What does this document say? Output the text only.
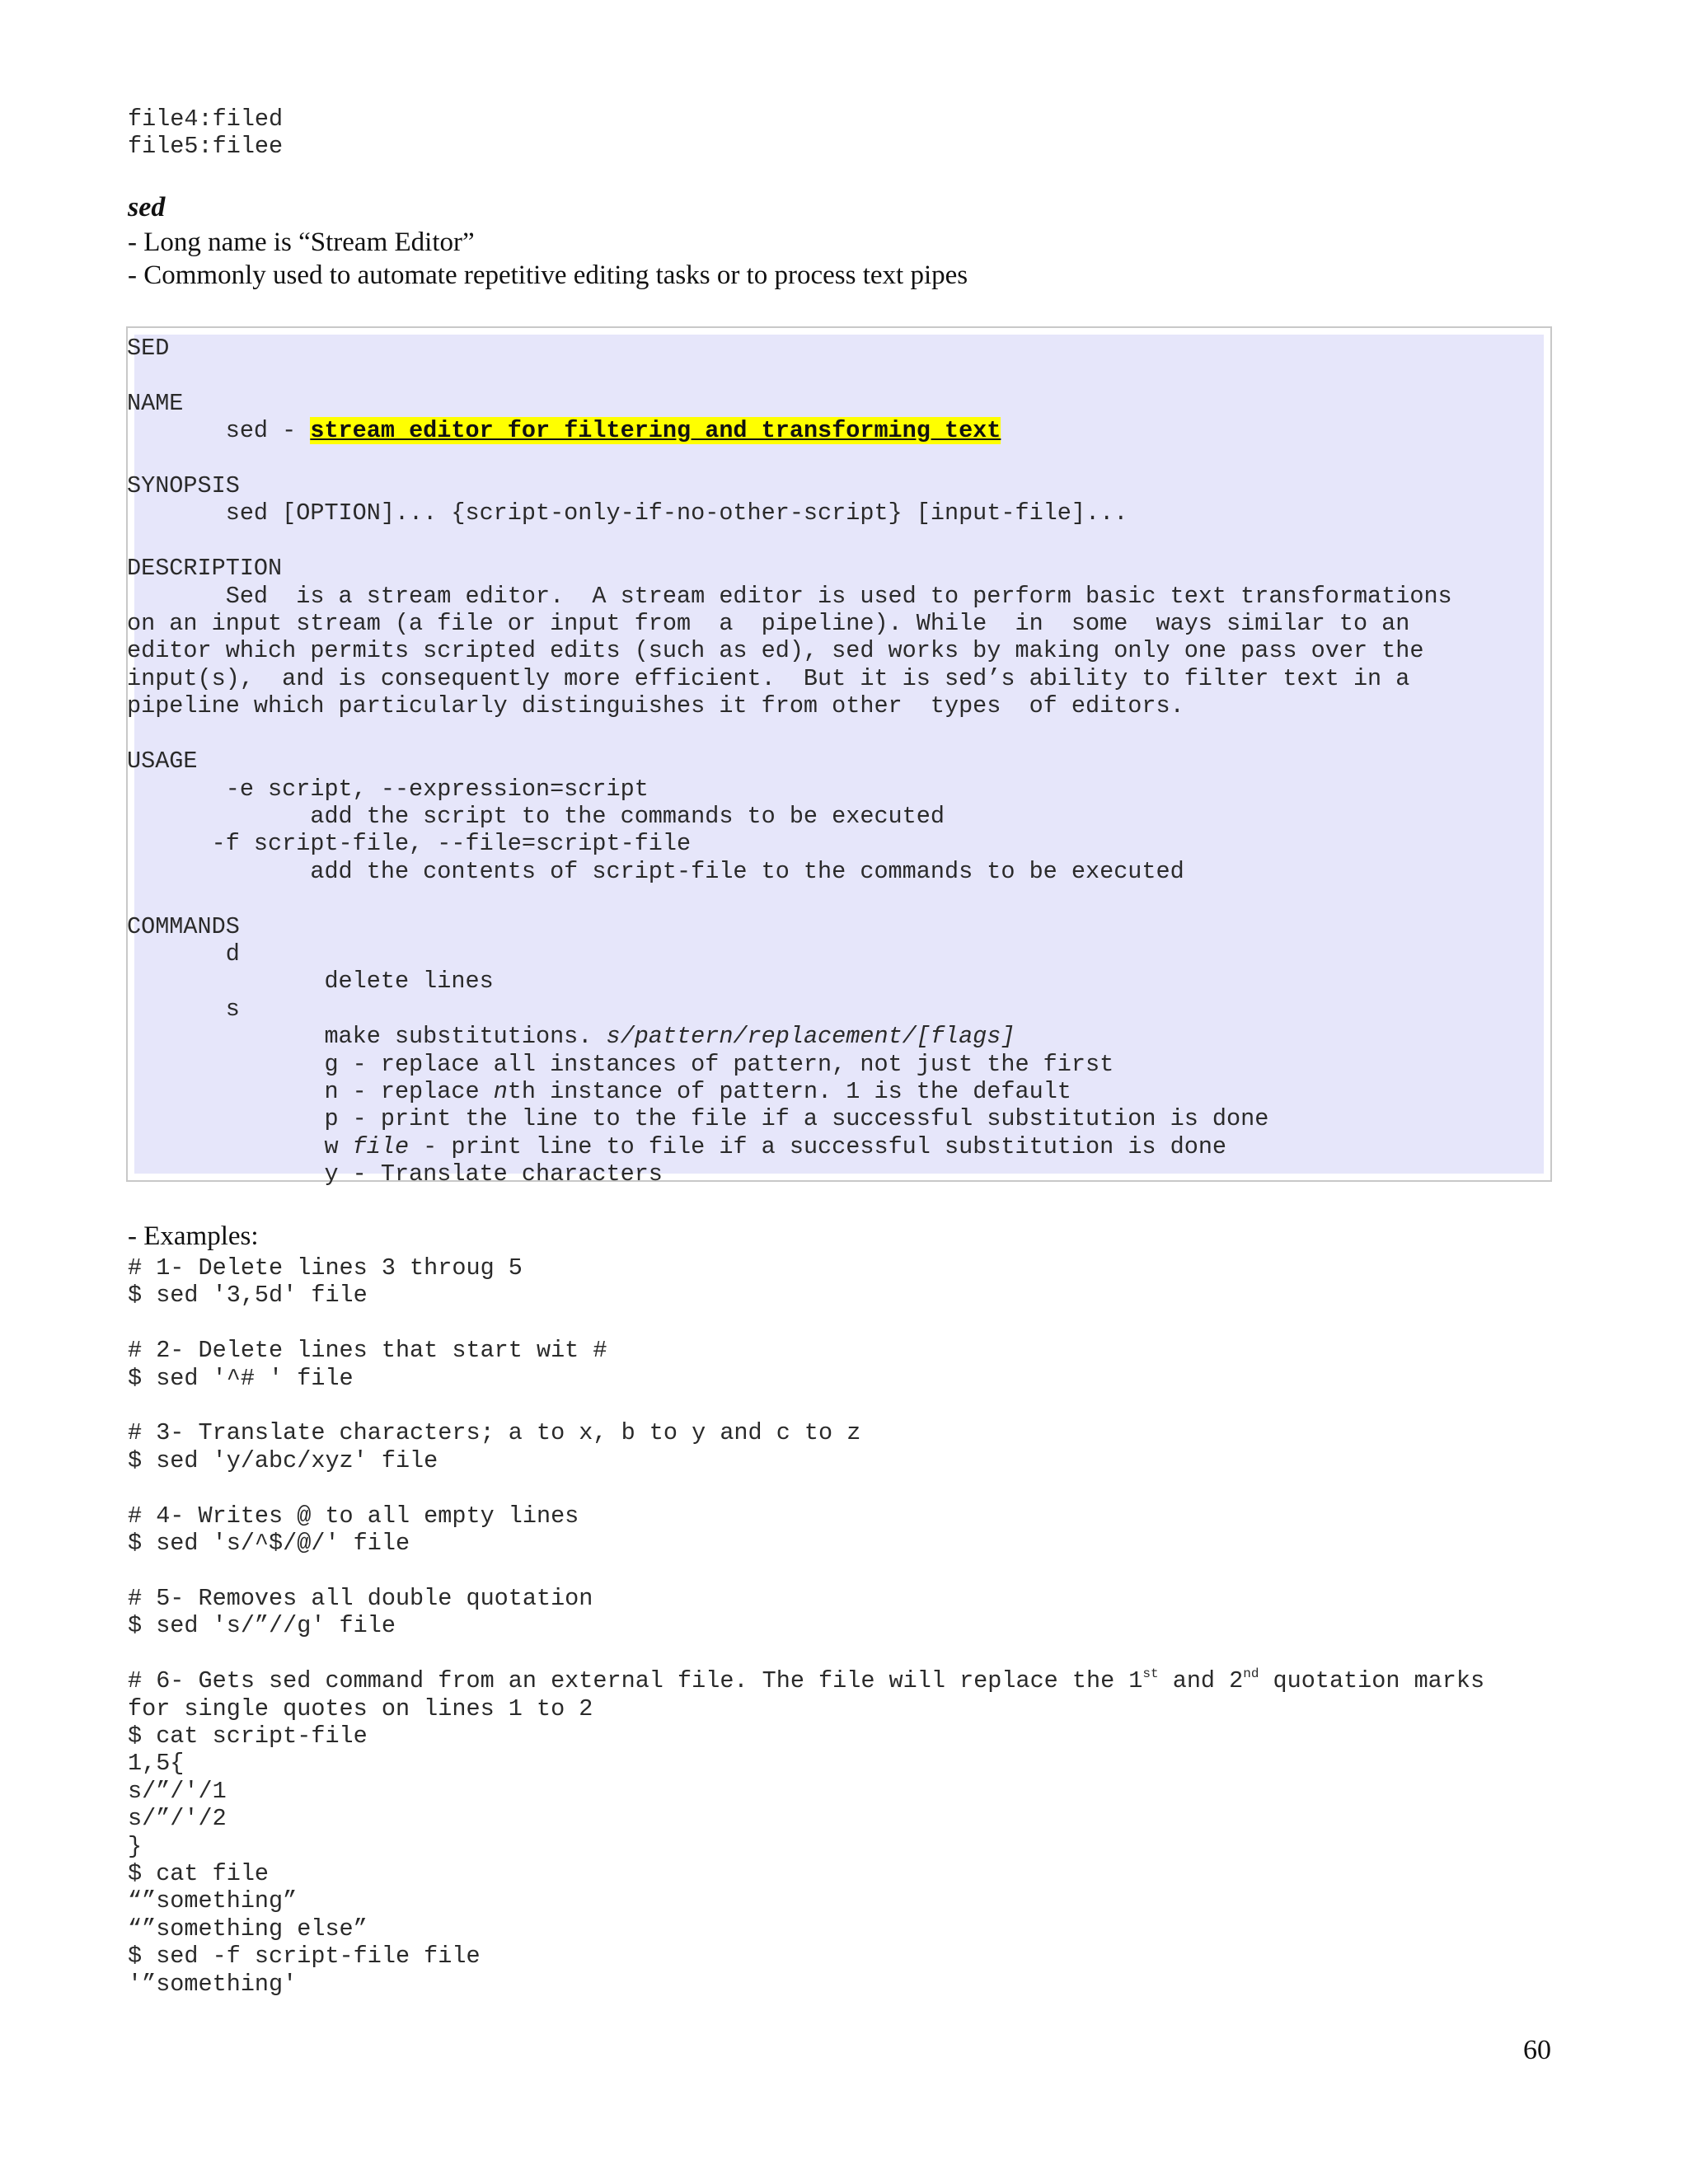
file4:filed
file5:filee
sed
- Long name is “Stream Editor”
- Commonly used to automate repetitive editing tasks or to process text pipes
SED

NAME
sed - stream editor for filtering and transforming text

SYNOPSIS
sed [OPTION]... {script-only-if-no-other-script} [input-file]...

DESCRIPTION
Sed  is a stream editor.  A stream editor is used to perform basic text transformations
on an input stream (a file or input from  a  pipeline). While  in  some  ways similar to an
editor which permits scripted edits (such as ed), sed works by making only one pass over the
input(s),  and is consequently more efficient.  But it is sed’s ability to filter text in a
pipeline which particularly distinguishes it from other  types  of editors.

USAGE
-e script, --expression=script
add the script to the commands to be executed
-f script-file, --file=script-file
add the contents of script-file to the commands to be executed

COMMANDS
d
delete lines
s
make substitutions. s/pattern/replacement/[flags]
g - replace all instances of pattern, not just the first
n - replace nth instance of pattern. 1 is the default
p - print the line to the file if a successful substitution is done
w file - print line to file if a successful substitution is done
y - Translate characters
- Examples:
# 1- Delete lines 3 throug 5
$ sed '3,5d' file

# 2- Delete lines that start wit #
$ sed '^# ' file

# 3- Translate characters; a to x, b to y and c to z
$ sed 'y/abc/xyz' file

# 4- Writes @ to all empty lines
$ sed 's/^$/@/' file

# 5- Removes all double quotation
$ sed 's/”//g' file

# 6- Gets sed command from an external file. The file will replace the 1st and 2nd quotation marks
for single quotes on lines 1 to 2
$ cat script-file
1,5{
s/”/'/1
s/”/'/2
}
$ cat file
“”something”
“”something else”
$ sed -f script-file file
'”something'
60
